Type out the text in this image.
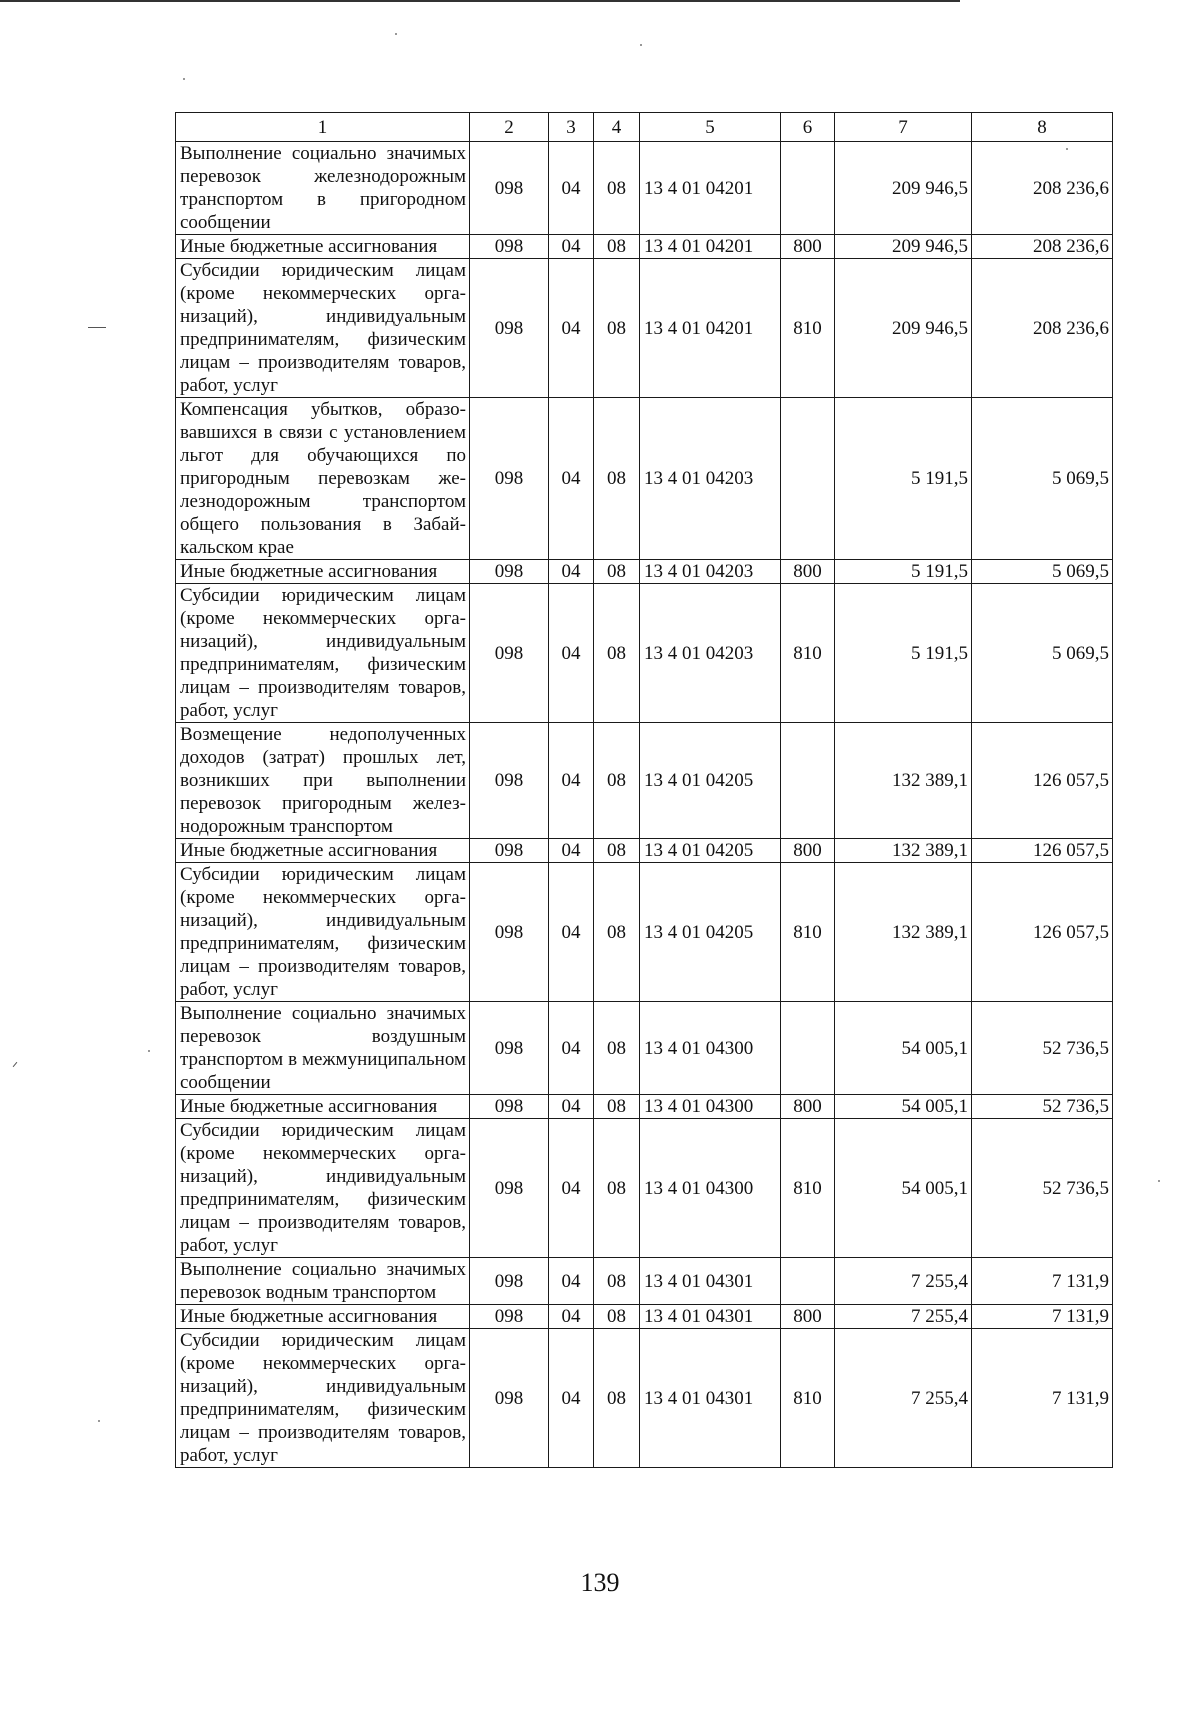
1	2	3	4	5	6	7	8
Выполнение социально значимых перевозок железнодорожным транспортом в пригородном сообщении	098	04	08	13 4 01 04201		209 946,5	208 236,6
Иные бюджетные ассигнования	098	04	08	13 4 01 04201	800	209 946,5	208 236,6
Субсидии юридическим лицам (кроме некоммерческих организаций), индивидуальным предпринимателям, физическим лицам – производителям товаров, работ, услуг	098	04	08	13 4 01 04201	810	209 946,5	208 236,6
Компенсация убытков, образовавшихся в связи с установлением льгот для обучающихся по пригородным перевозкам железнодорожным транспортом общего пользования в Забайкальском крае	098	04	08	13 4 01 04203		5 191,5	5 069,5
Иные бюджетные ассигнования	098	04	08	13 4 01 04203	800	5 191,5	5 069,5
Субсидии юридическим лицам (кроме некоммерческих организаций), индивидуальным предпринимателям, физическим лицам – производителям товаров, работ, услуг	098	04	08	13 4 01 04203	810	5 191,5	5 069,5
Возмещение недополученных доходов (затрат) прошлых лет, возникших при выполнении перевозок пригородным железнодорожным транспортом	098	04	08	13 4 01 04205		132 389,1	126 057,5
Иные бюджетные ассигнования	098	04	08	13 4 01 04205	800	132 389,1	126 057,5
Субсидии юридическим лицам (кроме некоммерческих организаций), индивидуальным предпринимателям, физическим лицам – производителям товаров, работ, услуг	098	04	08	13 4 01 04205	810	132 389,1	126 057,5
Выполнение социально значимых перевозок воздушным транспортом в межмуниципальном сообщении	098	04	08	13 4 01 04300		54 005,1	52 736,5
Иные бюджетные ассигнования	098	04	08	13 4 01 04300	800	54 005,1	52 736,5
Субсидии юридическим лицам (кроме некоммерческих организаций), индивидуальным предпринимателям, физическим лицам – производителям товаров, работ, услуг	098	04	08	13 4 01 04300	810	54 005,1	52 736,5
Выполнение социально значимых перевозок водным транспортом	098	04	08	13 4 01 04301		7 255,4	7 131,9
Иные бюджетные ассигнования	098	04	08	13 4 01 04301	800	7 255,4	7 131,9
Субсидии юридическим лицам (кроме некоммерческих организаций), индивидуальным предпринимателям, физическим лицам – производителям товаров, работ, услуг	098	04	08	13 4 01 04301	810	7 255,4	7 131,9
139
